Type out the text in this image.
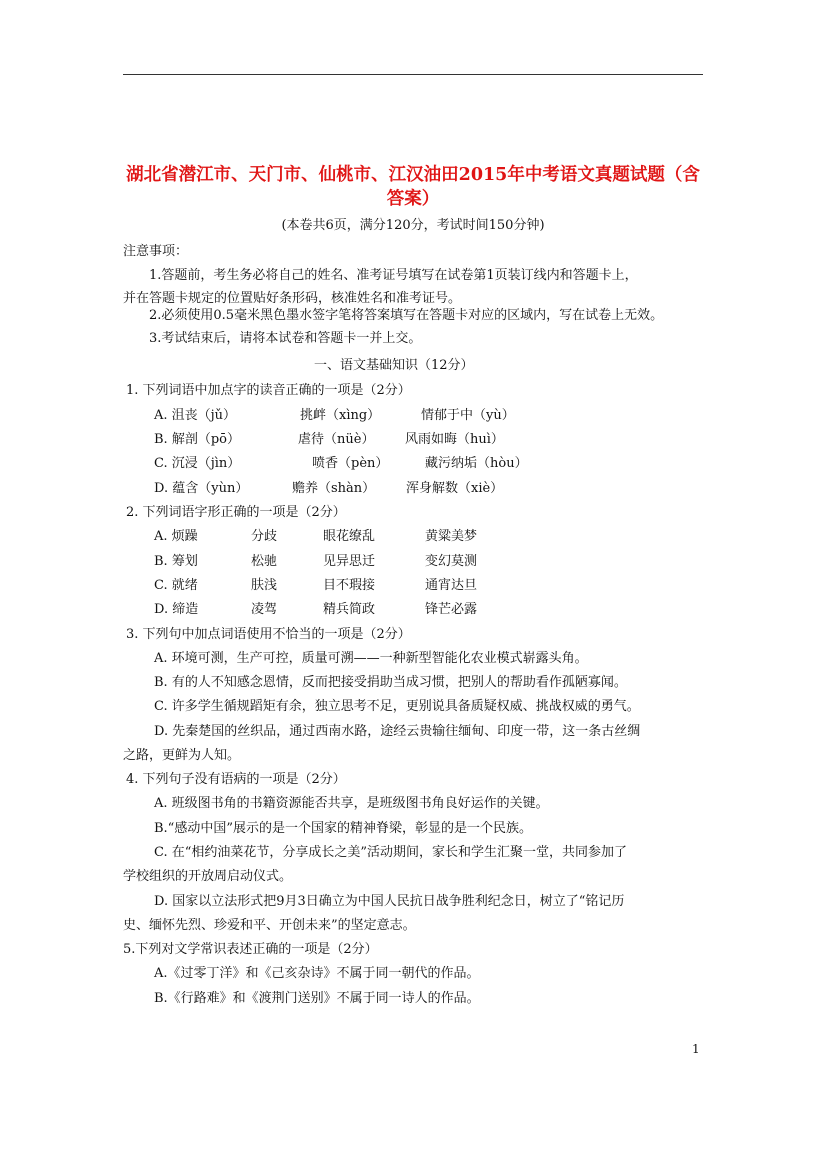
湖北省潜江市、天门市、仙桃市、江汉油田2015年中考语文真题试题（含答案）
(本卷共6页，满分120分，考试时间150分钟)
注意事项：
1.答题前，考生务必将自己的姓名、准考证号填写在试卷第1页装订线内和答题卡上，
并在答题卡规定的位置贴好条形码，核准姓名和准考证号。
2.必须使用0.5毫米黑色墨水签字笔将答案填写在答题卡对应的区域内，写在试卷上无效。
3.考试结束后，请将本试卷和答题卡一并上交。
一、语文基础知识（12分）
1. 下列词语中加点字的读音正确的一项是（2分）
A. 沮丧（jǔ）	挑衅（xìng）	情郁于中（yù）
B. 解剖（pō）	虐待（nüè） 风雨如晦（huì）
C. 沉浸（jìn）	喷香（pèn）	藏污纳垢（hòu）
D. 蕴含（yùn）	赡养（shàn） 浑身解数（xiè）
2. 下列词语字形正确的一项是（2分）
A. 烦躁	分歧	眼花缭乱	黄粱美梦
B. 筹划	松驰	见异思迁	变幻莫测
C. 就绪	肤浅	目不瑕接	通宵达旦
D. 缔造	凌驾	精兵简政	锋芒必露
3. 下列句中加点词语使用不恰当的一项是（2分）
A. 环境可测，生产可控，质量可溯——一种新型智能化农业模式崭露头角。
B. 有的人不知感念恩情，反而把接受捐助当成习惯，把别人的帮助看作孤陋寡闻。
C. 许多学生循规蹈矩有余，独立思考不足，更别说具备质疑权威、挑战权威的勇气。
D. 先秦楚国的丝织品，通过西南水路，途经云贵输往缅甸、印度一带，这一条古丝绸
之路，更鲜为人知。
4. 下列句子没有语病的一项是（2分）
A. 班级图书角的书籍资源能否共享，是班级图书角良好运作的关键。
B.“感动中国”展示的是一个国家的精神脊梁，彰显的是一个民族。
C. 在“相约油菜花节，分享成长之美”活动期间，家长和学生汇聚一堂，共同参加了
学校组织的开放周启动仪式。
D. 国家以立法形式把9月3日确立为中国人民抗日战争胜利纪念日，树立了“铭记历
史、缅怀先烈、珍爱和平、开创未来”的坚定意志。
5.下列对文学常识表述正确的一项是（2分）
A.《过零丁洋》和《己亥杂诗》不属于同一朝代的作品。
B.《行路难》和《渡荆门送别》不属于同一诗人的作品。
1
